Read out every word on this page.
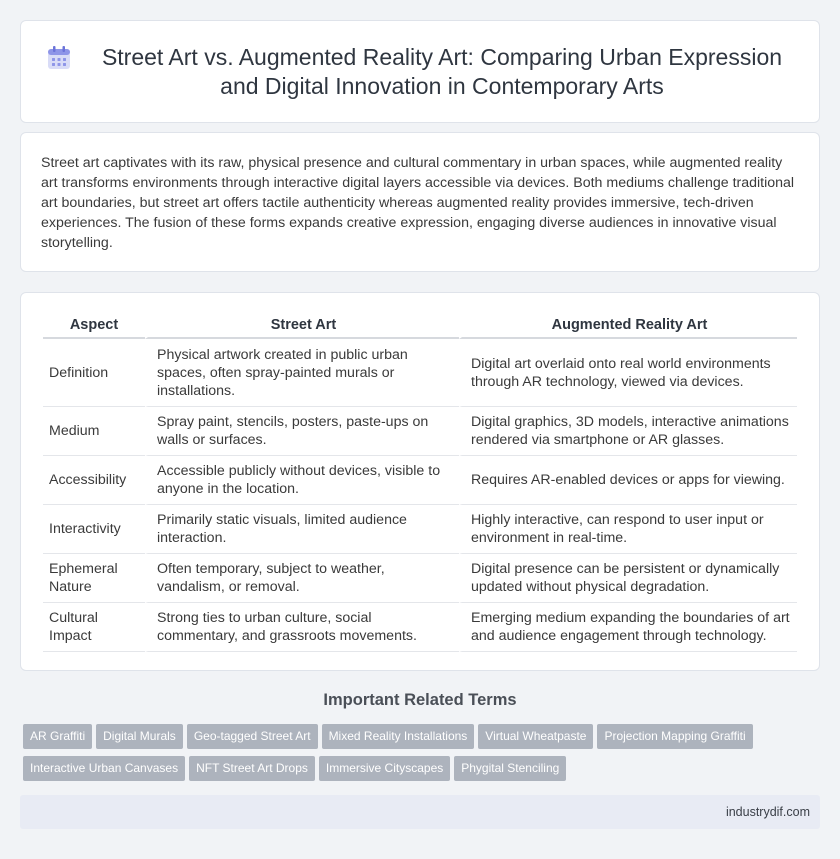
Street Art vs. Augmented Reality Art: Comparing Urban Expression and Digital Innovation in Contemporary Arts

Street art captivates with its raw, physical presence and cultural commentary in urban spaces, while augmented reality art transforms environments through interactive digital layers accessible via devices. Both mediums challenge traditional art boundaries, but street art offers tactile authenticity whereas augmented reality provides immersive, tech-driven experiences. The fusion of these forms expands creative expression, engaging diverse audiences in innovative visual storytelling.

Aspect	Street Art	Augmented Reality Art
Definition	Physical artwork created in public urban spaces, often spray-painted murals or installations.	Digital art overlaid onto real world environments through AR technology, viewed via devices.
Medium	Spray paint, stencils, posters, paste-ups on walls or surfaces.	Digital graphics, 3D models, interactive animations rendered via smartphone or AR glasses.
Accessibility	Accessible publicly without devices, visible to anyone in the location.	Requires AR-enabled devices or apps for viewing.
Interactivity	Primarily static visuals, limited audience interaction.	Highly interactive, can respond to user input or environment in real-time.
Ephemeral Nature	Often temporary, subject to weather, vandalism, or removal.	Digital presence can be persistent or dynamically updated without physical degradation.
Cultural Impact	Strong ties to urban culture, social commentary, and grassroots movements.	Emerging medium expanding the boundaries of art and audience engagement through technology.
Important Related Terms
AR Graffiti Digital Murals Geo-tagged Street Art Mixed Reality Installations Virtual Wheatpaste Projection Mapping GraffitiInteractive Urban Canvases NFT Street Art Drops Immersive Cityscapes Phygital Stenciling
industrydif.com
